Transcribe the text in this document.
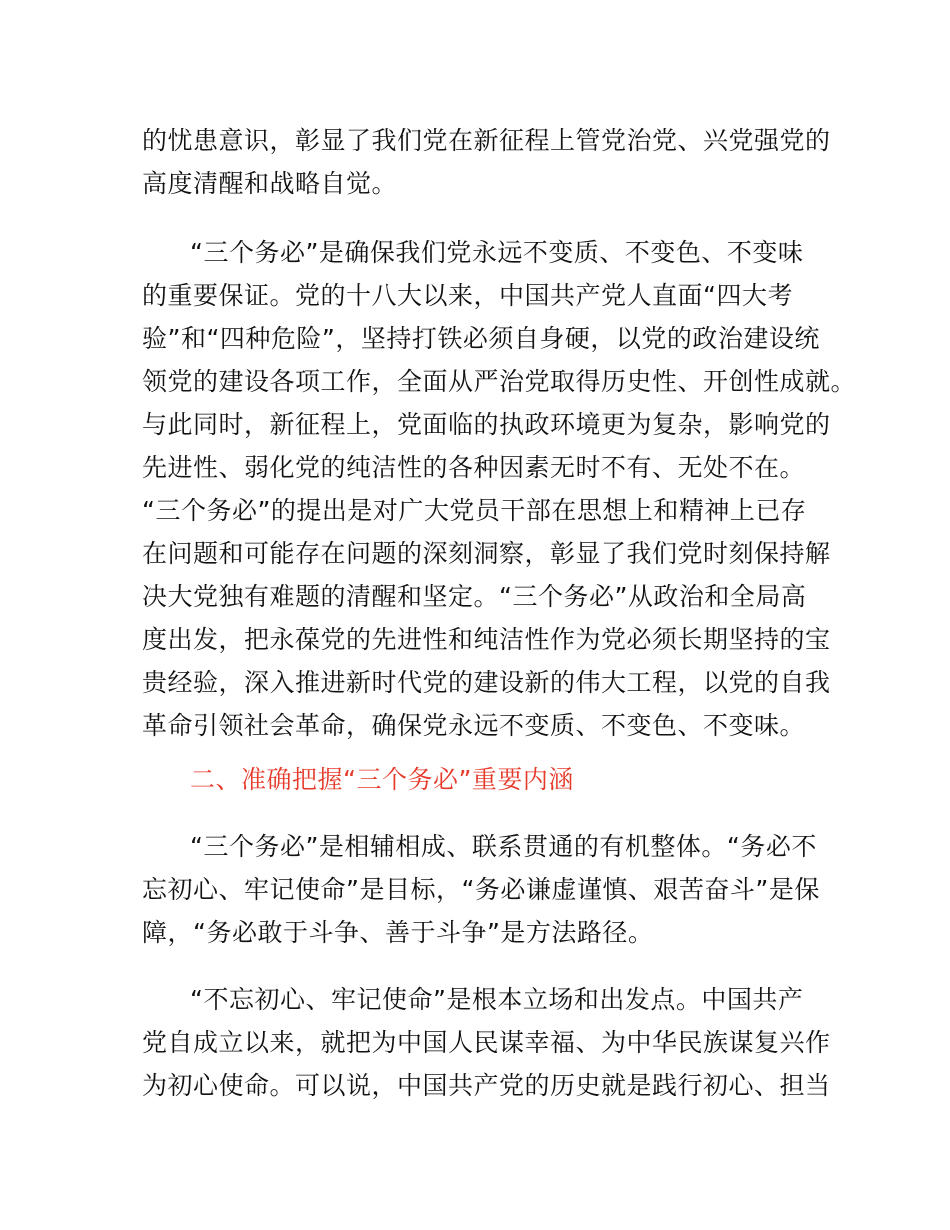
的忧患意识，彰显了我们党在新征程上管党治党、兴党强党的
高度清醒和战略自觉。
“三个务必”是确保我们党永远不变质、不变色、不变味
的重要保证。党的十八大以来，中国共产党人直面“四大考
验”和“四种危险”，坚持打铁必须自身硬，以党的政治建设统
领党的建设各项工作，全面从严治党取得历史性、开创性成就。
与此同时，新征程上，党面临的执政环境更为复杂，影响党的
先进性、弱化党的纯洁性的各种因素无时不有、无处不在。
“三个务必”的提出是对广大党员干部在思想上和精神上已存
在问题和可能存在问题的深刻洞察，彰显了我们党时刻保持解
决大党独有难题的清醒和坚定。“三个务必”从政治和全局高
度出发，把永葆党的先进性和纯洁性作为党必须长期坚持的宝
贵经验，深入推进新时代党的建设新的伟大工程，以党的自我
革命引领社会革命，确保党永远不变质、不变色、不变味。
二、准确把握“三个务必”重要内涵
“三个务必”是相辅相成、联系贯通的有机整体。“务必不
忘初心、牢记使命”是目标，“务必谦虚谨慎、艰苦奋斗”是保
障，“务必敢于斗争、善于斗争”是方法路径。
“不忘初心、牢记使命”是根本立场和出发点。中国共产
党自成立以来，就把为中国人民谋幸福、为中华民族谋复兴作
为初心使命。可以说，中国共产党的历史就是践行初心、担当
